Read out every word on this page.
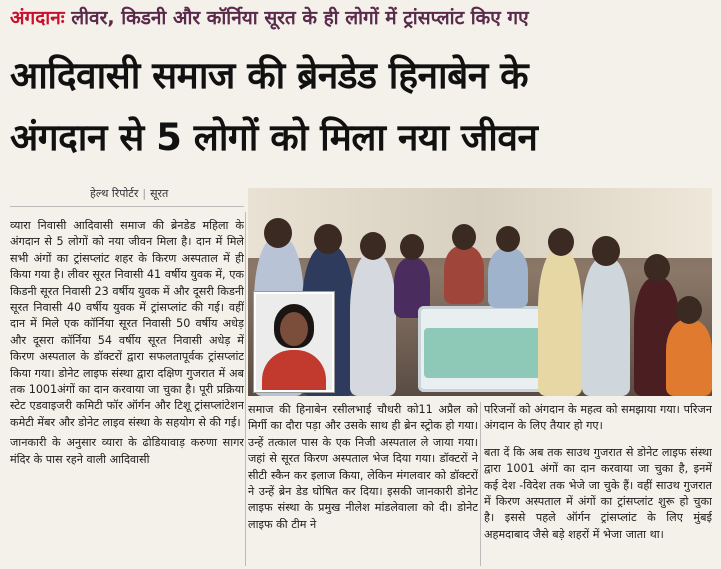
अंगदानः लीवर, किडनी और कॉर्निया सूरत के ही लोगों में ट्रांसप्लांट किए गए
आदिवासी समाज की ब्रेनडेड हिनाबेन के
अंगदान से 5 लोगों को मिला नया जीवन
हेल्थ रिपोर्टर | सूरत

व्यारा निवासी आदिवासी समाज की ब्रेनडेड महिला के अंगदान से 5 लोगों को नया जीवन मिला है। दान में मिले सभी अंगों का ट्रांसप्लांट शहर के किरण अस्पताल में ही किया गया है। लीवर सूरत निवासी 41 वर्षीय युवक में, एक किडनी सूरत निवासी 23 वर्षीय युवक में और दूसरी किडनी सूरत निवासी 40 वर्षीय युवक में ट्रांसप्लांट की गई। वहीं दान में मिले एक कॉर्निया सूरत निवासी 50 वर्षीय अधेड़ और दूसरा कॉर्निया 54 वर्षीय सूरत निवासी अधेड़ में किरण अस्पताल के डॉक्टरों द्वारा सफलतापूर्वक ट्रांसप्लांट किया गया। डोनेट लाइफ संस्था द्वारा दक्षिण गुजरात में अब तक 1001अंगों का दान करवाया जा चुका है। पूरी प्रक्रिया स्टेट एडवाइजरी कमिटी फॉर ऑर्गन और टिशू ट्रांसप्लांटेशन कमेटी मेंबर और डोनेट लाइव संस्था के सहयोग से की गई।

जानकारी के अनुसार व्यारा के ढोडियावाड़ करुणा सागर मंदिर के पास रहने वाली आदिवासी

समाज की हिनाबेन रसीलभाई चौधरी को11 अप्रैल को मिर्गी का दौरा पड़ा और उसके साथ ही ब्रेन स्ट्रोक हो गया। उन्हें तत्काल पास के एक निजी अस्पताल ले जाया गया। जहां से सूरत किरण अस्पताल भेज दिया गया। डॉक्टरों ने सीटी स्कैन कर इलाज किया, लेकिन मंगलवार को डॉक्टरों ने उन्हें ब्रेन डेड घोषित कर दिया। इसकी जानकारी डोनेट लाइफ संस्था के प्रमुख नीलेश मांडलेवाला को दी। डोनेट लाइफ की टीम ने

परिजनों को अंगदान के महत्व को समझाया गया। परिजन अंगदान के लिए तैयार हो गए।

बता दें कि अब तक साउथ गुजरात से डोनेट लाइफ संस्था द्वारा 1001 अंगों का दान करवाया जा चुका है, इनमें कई देश -विदेश तक भेजे जा चुके हैं। वहीं साउथ गुजरात में किरण अस्पताल में अंगों का ट्रांसप्लांट शुरू हो चुका है। इससे पहले ऑर्गन ट्रांसप्लांट के लिए मुंबई अहमदाबाद जैसे बड़े शहरों में भेजा जाता था।
